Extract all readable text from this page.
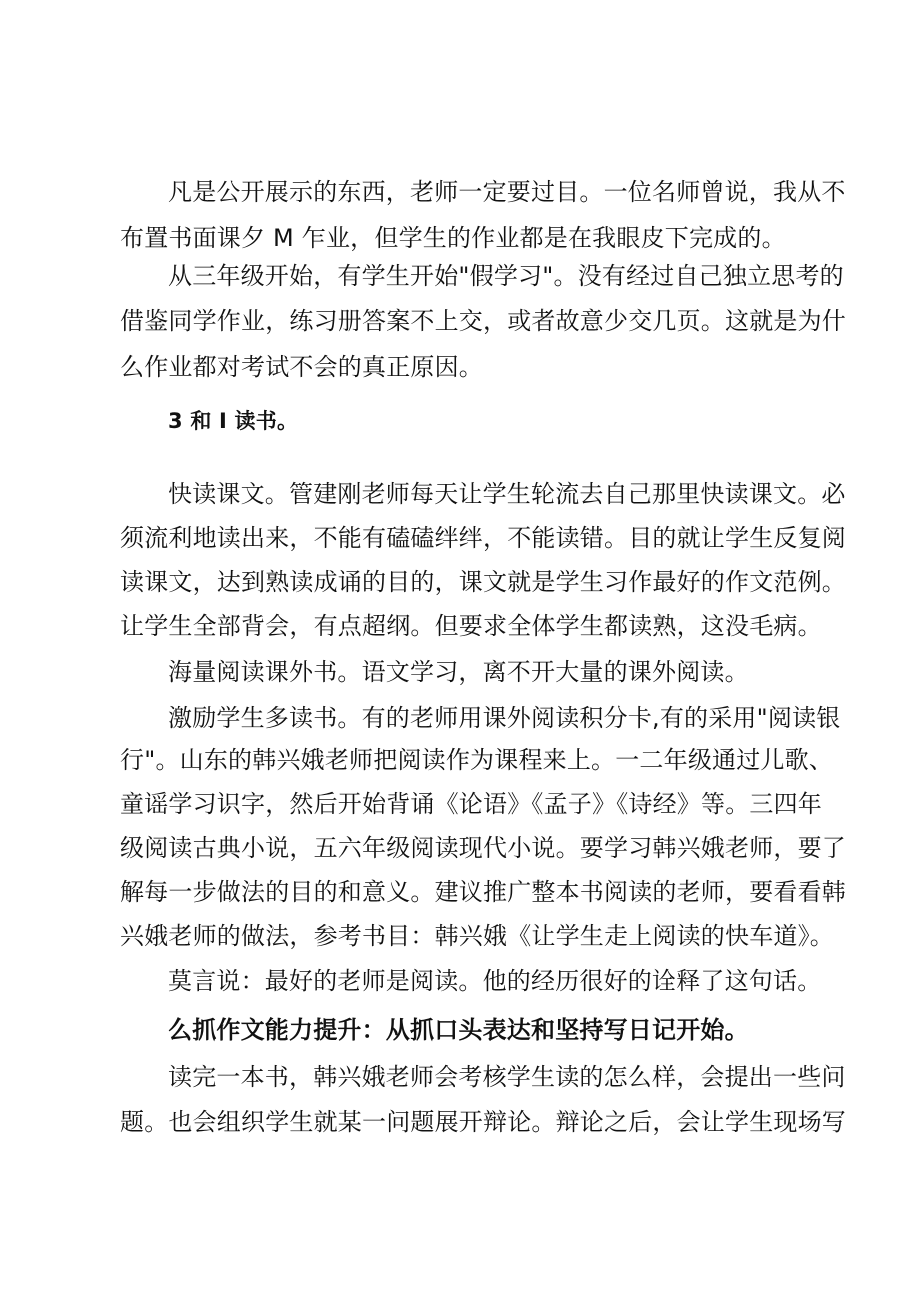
凡是公开展示的东西，老师一定要过目。一位名师曾说，我从不
布置书面课夕 M 乍业，但学生的作业都是在我眼皮下完成的。
从三年级开始，有学生开始"假学习"。没有经过自己独立思考的
借鉴同学作业，练习册答案不上交，或者故意少交几页。这就是为什
么作业都对考试不会的真正原因。
3 和 I 读书。
快读课文。管建刚老师每天让学生轮流去自己那里快读课文。必
须流利地读出来，不能有磕磕绊绊，不能读错。目的就让学生反复阅
读课文，达到熟读成诵的目的，课文就是学生习作最好的作文范例。
让学生全部背会，有点超纲。但要求全体学生都读熟，这没毛病。
海量阅读课外书。语文学习，离不开大量的课外阅读。
激励学生多读书。有的老师用课外阅读积分卡,有的采用"阅读银
行"。山东的韩兴娥老师把阅读作为课程来上。一二年级通过儿歌、
童谣学习识字，然后开始背诵《论语》《孟子》《诗经》等。三四年
级阅读古典小说，五六年级阅读现代小说。要学习韩兴娥老师，要了
解每一步做法的目的和意义。建议推广整本书阅读的老师，要看看韩
兴娥老师的做法，参考书目：韩兴娥《让学生走上阅读的快车道》。
莫言说：最好的老师是阅读。他的经历很好的诠释了这句话。
么抓作文能力提升：从抓口头表达和坚持写日记开始。
读完一本书，韩兴娥老师会考核学生读的怎么样，会提出一些问
题。也会组织学生就某一问题展开辩论。辩论之后，会让学生现场写
